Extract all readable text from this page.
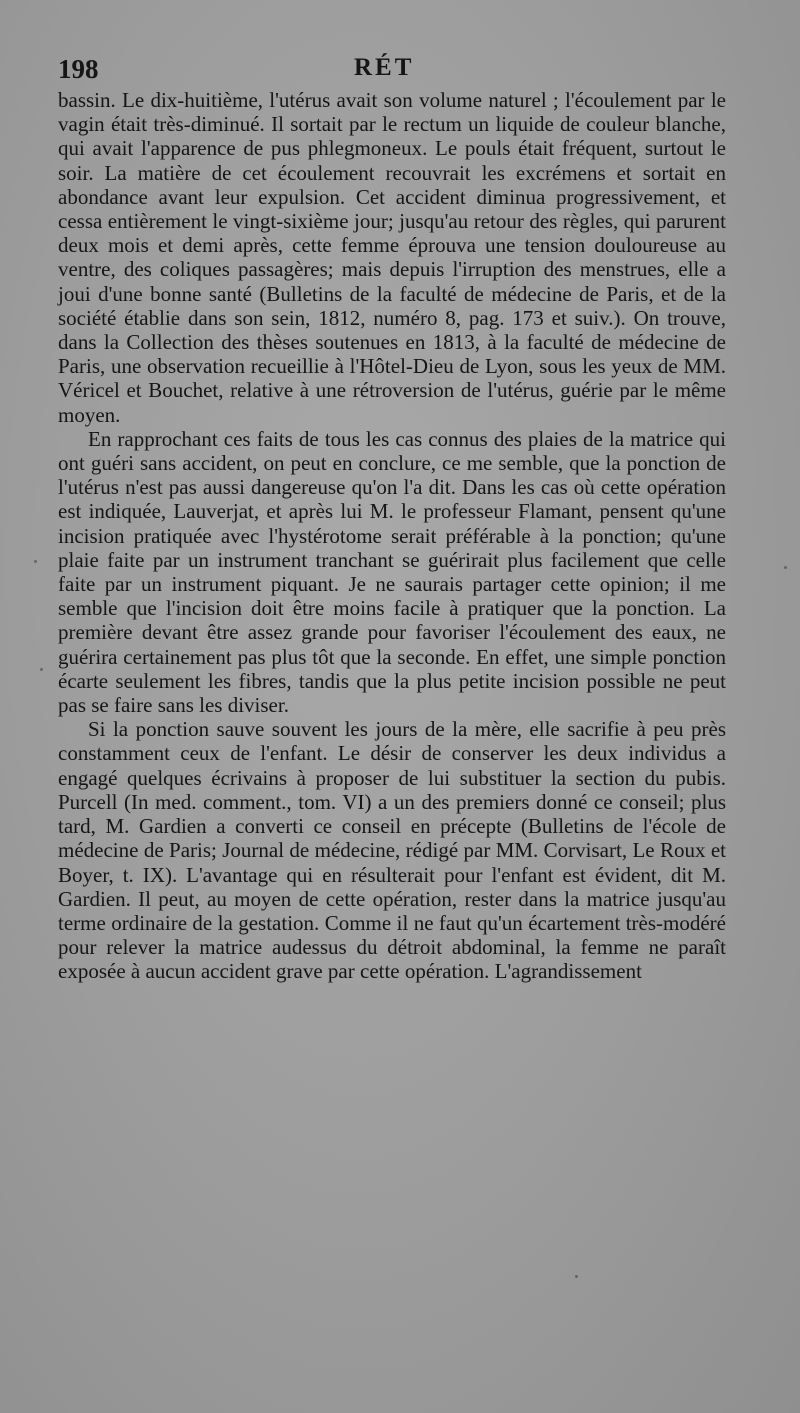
198	RÉT

bassin. Le dix-huitième, l'utérus avait son volume naturel ; l'écoulement par le vagin était très-diminué. Il sortait par le rectum un liquide de couleur blanche, qui avait l'apparence de pus phlegmoneux. Le pouls était fréquent, surtout le soir. La matière de cet écoulement recouvrait les excrémens et sortait en abondance avant leur expulsion. Cet accident diminua progressivement, et cessa entièrement le vingt-sixième jour; jusqu'au retour des règles, qui parurent deux mois et demi après, cette femme éprouva une tension douloureuse au ventre, des coliques passagères; mais depuis l'irruption des menstrues, elle a joui d'une bonne santé (Bulletins de la faculté de médecine de Paris, et de la société établie dans son sein, 1812, numéro 8, pag. 173 et suiv.). On trouve, dans la Collection des thèses soutenues en 1813, à la faculté de médecine de Paris, une observation recueillie à l'Hôtel-Dieu de Lyon, sous les yeux de MM. Véricel et Bouchet, relative à une rétroversion de l'utérus, guérie par le même moyen.

En rapprochant ces faits de tous les cas connus des plaies de la matrice qui ont guéri sans accident, on peut en conclure, ce me semble, que la ponction de l'utérus n'est pas aussi dangereuse qu'on l'a dit. Dans les cas où cette opération est indiquée, Lauverjat, et après lui M. le professeur Flamant, pensent qu'une incision pratiquée avec l'hystérotome serait préférable à la ponction; qu'une plaie faite par un instrument tranchant se guérirait plus facilement que celle faite par un instrument piquant. Je ne saurais partager cette opinion; il me semble que l'incision doit être moins facile à pratiquer que la ponction. La première devant être assez grande pour favoriser l'écoulement des eaux, ne guérira certainement pas plus tôt que la seconde. En effet, une simple ponction écarte seulement les fibres, tandis que la plus petite incision possible ne peut pas se faire sans les diviser.

Si la ponction sauve souvent les jours de la mère, elle sacrifie à peu près constamment ceux de l'enfant. Le désir de conserver les deux individus a engagé quelques écrivains à proposer de lui substituer la section du pubis. Purcell (In med. comment., tom. VI) a un des premiers donné ce conseil; plus tard, M. Gardien a converti ce conseil en précepte (Bulletins de l'école de médecine de Paris; Journal de médecine, rédigé par MM. Corvisart, Le Roux et Boyer, t. IX). L'avantage qui en résulterait pour l'enfant est évident, dit M. Gardien. Il peut, au moyen de cette opération, rester dans la matrice jusqu'au terme ordinaire de la gestation. Comme il ne faut qu'un écartement très-modéré pour relever la matrice audessus du détroit abdominal, la femme ne paraît exposée à aucun accident grave par cette opération. L'agrandissement
